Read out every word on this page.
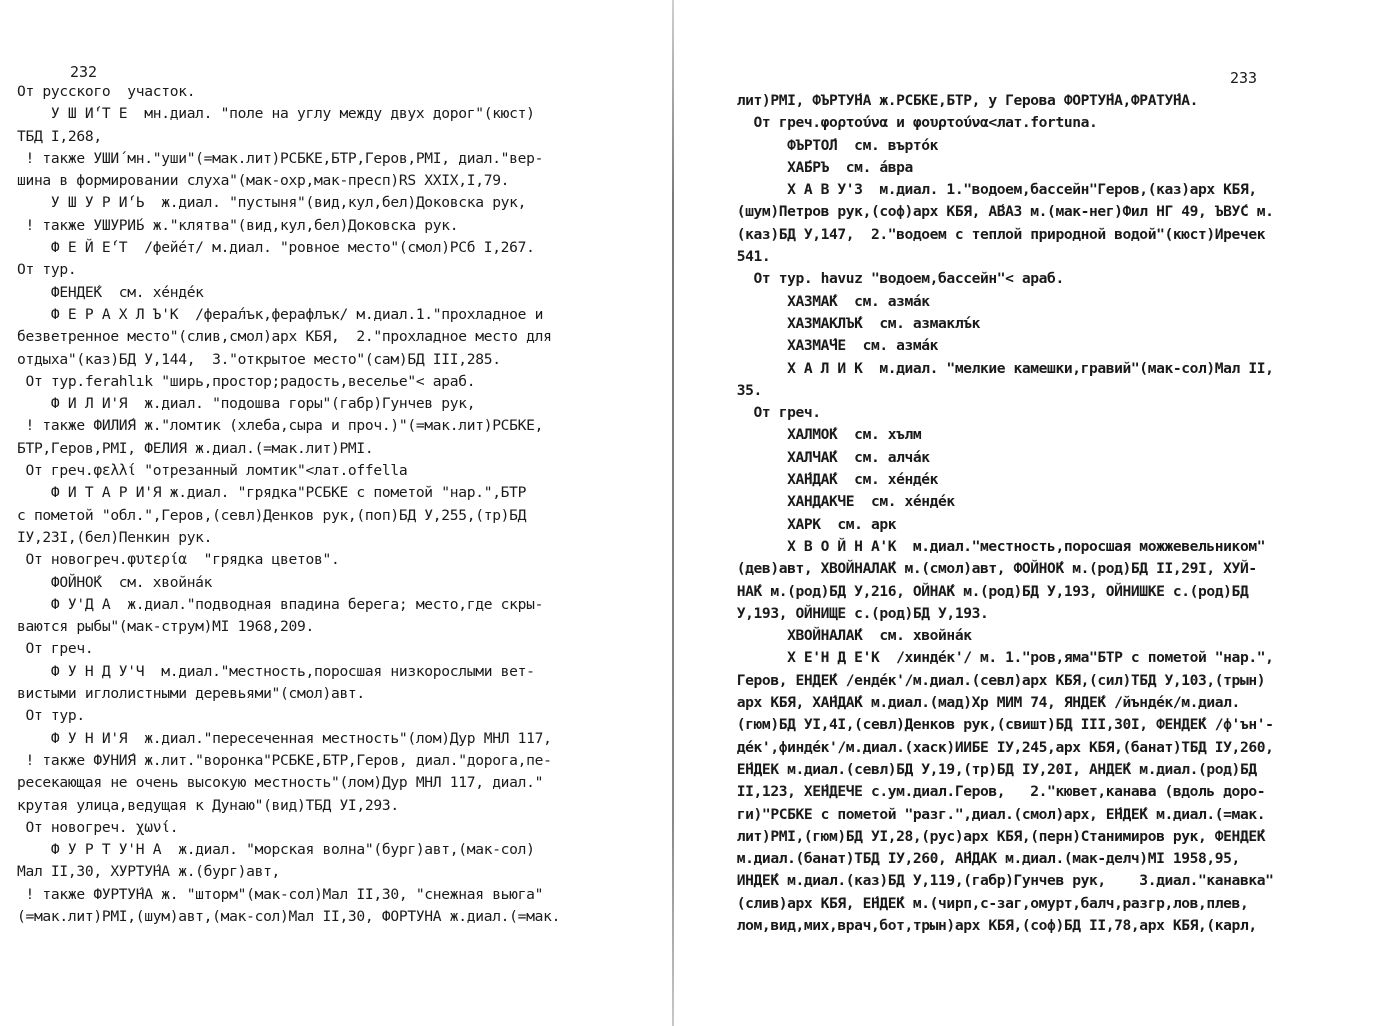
232
От русского  участок.
У Ш И́'Т Е  мн.диал. "поле на углу между двух дорог"(кюст)
ТБД I,268,
! также УШИ́ мн."уши"(=мак.лит)РСБКЕ,БТР,Геров,РМI, диал."вер-
шина в формировании слуха"(мак-охр,мак-пресп)RS XXIX,I,79.
У Ш У Р И́'Ь  ж.диал. "пустыня"(вид,кул,бел)Доковска рук,
! также УШУРИ́Ь ж."клятва"(вид,кул,бел)Доковска рук.
Ф Е Й Е́'Т  /фейе́т/ м.диал. "ровное место"(смол)РСб I,267.
От тур.
ФЕНДЕ́К  см. хе́нде́к
Ф Е Р А Х Л Ъ'К  /ферал́ък,ферафлък/ м.диал.1."прохладное и
безветренное место"(слив,смол)арх КБЯ,  2."прохладное место для
отдыха"(каз)БД У,144,  3."открытое место"(сам)БД III,285.
От тур.ferahlık "ширь,простор;радость,веселье"< араб.
Ф И Л И'Я  ж.диал. "подошва горы"(габр)Гунчев рук,
! также ФИЛИ́Я ж."ломтик (хлеба,сыра и проч.)"(=мак.лит)РСБКЕ,
БТР,Геров,РМI, ФЕЛИЯ ж.диал.(=мак.лит)РМI.
От греч.φελλί "отрезанный ломтик"<лат.offella
Ф И Т А Р И'Я ж.диал. "грядка"РСБКЕ с пометой "нар.",БТР
с пометой "обл.",Геров,(севл)Денков рук,(поп)БД У,255,(тр)БД
IУ,23I,(бел)Пенкин рук.
От новогреч.φυτερία  "грядка цветов".
ФОЙНО́К  см. хвойна́к
Ф У'Д А  ж.диал."подводная впадина берега; место,где скры-
ваются рыбы"(мак-струм)МI 1968,209.
От греч.
Ф У Н Д У'Ч  м.диал."местность,поросшая низкорослыми вет-
вистыми иглолистными деревьями"(смол)авт.
От тур.
Ф У Н И'Я  ж.диал."пересеченная местность"(лом)Дур МНЛ 117,
! также ФУНИ́Я ж.лит."воронка"РСБКЕ,БТР,Геров, диал."дорога,пе-
ресекающая не очень высокую местность"(лом)Дур МНЛ 117, диал."
крутая улица,ведущая к Дунаю"(вид)ТБД УI,293.
От новогреч. χωνί.
Ф У Р Т У'Н А  ж.диал. "морская волна"(бург)авт,(мак-сол)
Мал II,30, ХУРТУ́НА ж.(бург)авт,
! также ФУРТУ́НА ж. "шторм"(мак-сол)Мал II,30, "снежная вьюга"
(=мак.лит)РМI,(шум)авт,(мак-сол)Мал II,30, ФОРТУНА ж.диал.(=мак.
233
лит)РМI, ФЪРТУ́НА ж.РСБКЕ,БТР, у Герова ФОРТУ́НА,ФРАТУ́НА.
От греч.φορτούνα и φουρτούνα<лат.fortuna.
ФЪРТО́Л  см. въртóк
ХА́БРЪ  см. а́вра
Х А В У'З  м.диал. 1."водоем,бассейн"Геров,(каз)арх КБЯ,
(шум)Петров рук,(соф)арх КБЯ, А́ВАЗ м.(мак-нег)Фил НГ 49, ЪВУ́С м.
(каз)БД У,147,  2."водоем с теплой природной водой"(кюст)Иречек
541.
От тур. havuz "водоем,бассейн"< араб.
ХАЗМА́К  см. азма́к
ХАЗМАКЛЪ́К  см. азмаклъ́к
ХАЗМА́ЧЕ  см. азма́к
Х А Л И К  м.диал. "мелкие камешки,гравий"(мак-сол)Мал II,
35.
От греч.
ХАЛМО́К  см. хълм
ХАЛЧА́К  см. алча́к
ХА́НДА́К  см. хе́нде́к
ХАНДАКЧЕ  см. хе́нде́к
ХАРК  см. арк
Х В О Й Н А'К  м.диал."местность,поросшая можжевельником"
(дев)авт, ХВОЙНАЛА́К м.(смол)авт, ФОЙНО́К м.(род)БД II,29I, ХУЙ-
НА́К м.(род)БД У,216, ОЙНА́К м.(род)БД У,193, ОЙНИШКЕ с.(род)БД
У,193, ОЙНИЩЕ с.(род)БД У,193.
ХВОЙНАЛА́К  см. хвойна́к
Х Е'Н Д Е'К  /хинде́к'/ м. 1."ров,яма"БТР с пометой "нар.",
Геров, ЕНДЕ́К /енде́к'/м.диал.(севл)арх КБЯ,(сил)ТБД У,103,(трын)
арх КБЯ, ХА́НДА́К м.диал.(мад)Хр МИМ 74, ЯНДЕ́К /йънде́к/м.диал.
(гюм)БД УI,4I,(севл)Денков рук,(свишт)БД III,30I, ФЕНДЕ́К /ф'ън'-
де́к',финде́к'/м.диал.(хаск)ИИБЕ IУ,245,арх КБЯ,(банат)ТБД IУ,260,
Е́НДЕК м.диал.(севл)БД У,19,(тр)БД IУ,20I, АНДЕ́К м.диал.(род)БД
II,123, ХЕ́НДЕЧЕ с.ум.диал.Геров,   2."кювет,канава (вдоль доро-
ги)"РСБКЕ с пометой "разг.",диал.(смол)арх, Е́НДЕ́К м.диал.(=мак.
лит)РМI,(гюм)БД УI,28,(рус)арх КБЯ,(перн)Станимиров рук, ФЕНДЕ́К
м.диал.(банат)ТБД IУ,260, А́НДАК м.диал.(мак-делч)МI 1958,95,
ИНДЕ́К м.диал.(каз)БД У,119,(габр)Гунчев рук,    3.диал."канавка"
(слив)арх КБЯ, Е́НДЕ́К м.(чирп,с-заг,омурт,балч,разгр,лов,плев,
лом,вид,мих,врач,бот,трын)арх КБЯ,(соф)БД II,78,арх КБЯ,(карл,
